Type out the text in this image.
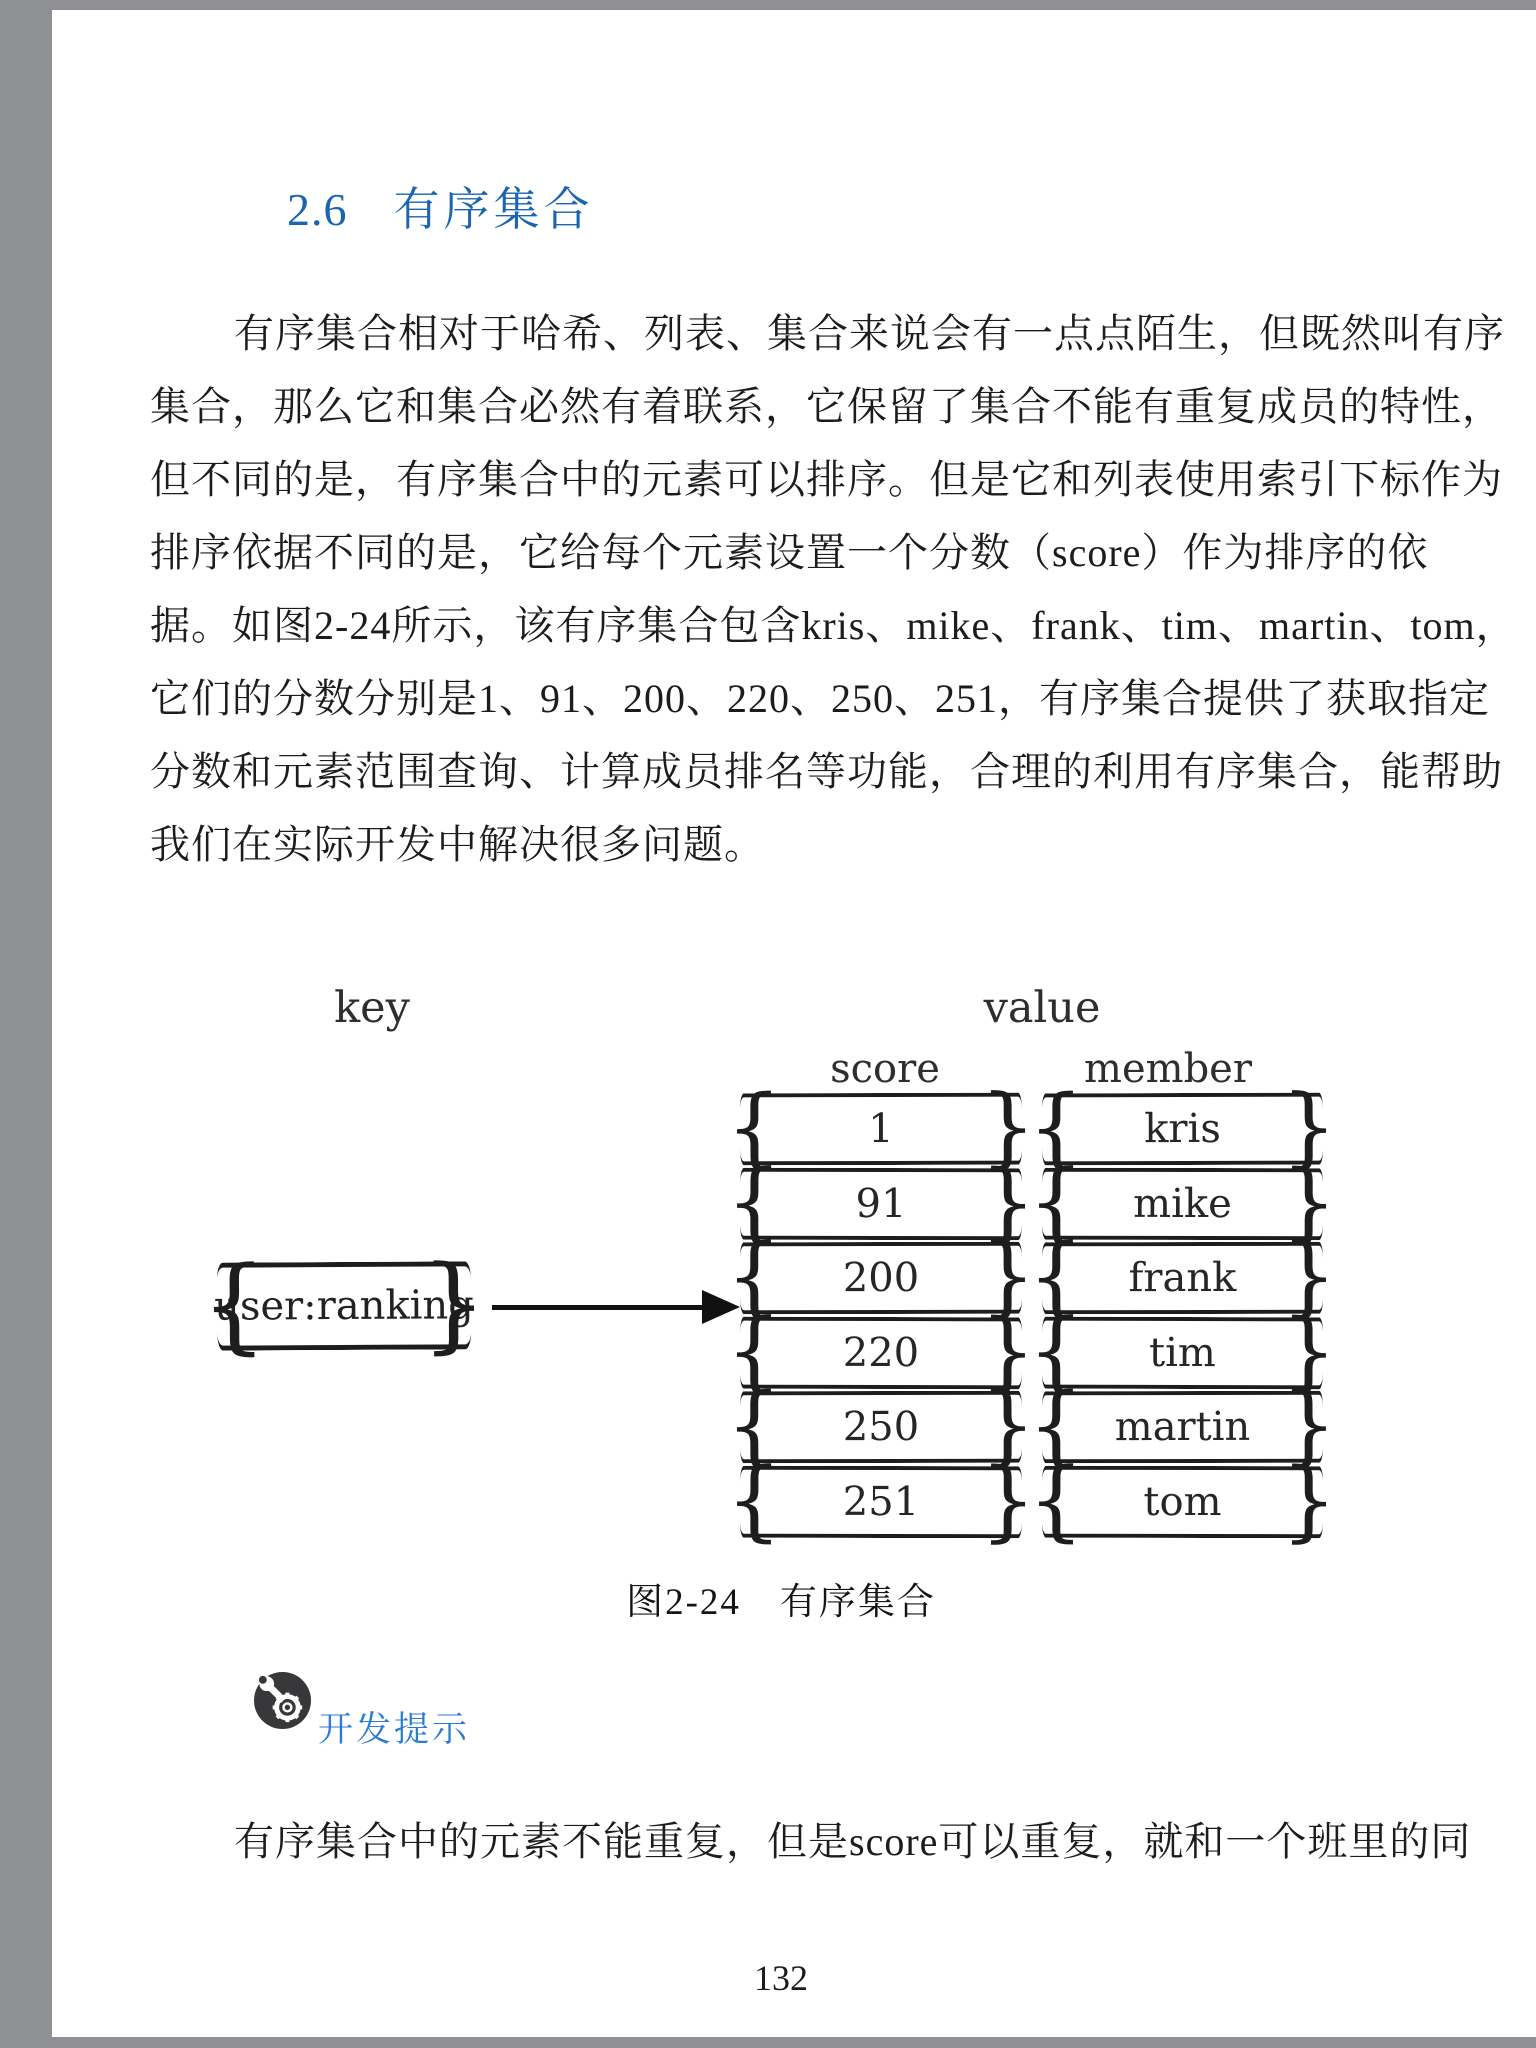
2.6 有序集合
有序集合相对于哈希、列表、集合来说会有一点点陌生，但既然叫有序
集合，那么它和集合必然有着联系，它保留了集合不能有重复成员的特性，
但不同的是，有序集合中的元素可以排序。但是它和列表使用索引下标作为
排序依据不同的是，它给每个元素设置一个分数（score）作为排序的依
据。如图2-24所示，该有序集合包含kris、mike、frank、tim、martin、tom，
它们的分数分别是1、91、200、220、250、251，有序集合提供了获取指定
分数和元素范围查询、计算成员排名等功能，合理的利用有序集合，能帮助
我们在实际开发中解决很多问题。
key	value
score	member
{ user:ranking }
{ 1 }	{ kris }
{ 91 }	{ mike }
{ 200 }	{ frank }
{ 220 }	{ tim }
{ 250 }	{ martin }
{ 251 }	{ tom }
图2-24　有序集合
开发提示
有序集合中的元素不能重复，但是score可以重复，就和一个班里的同
132
